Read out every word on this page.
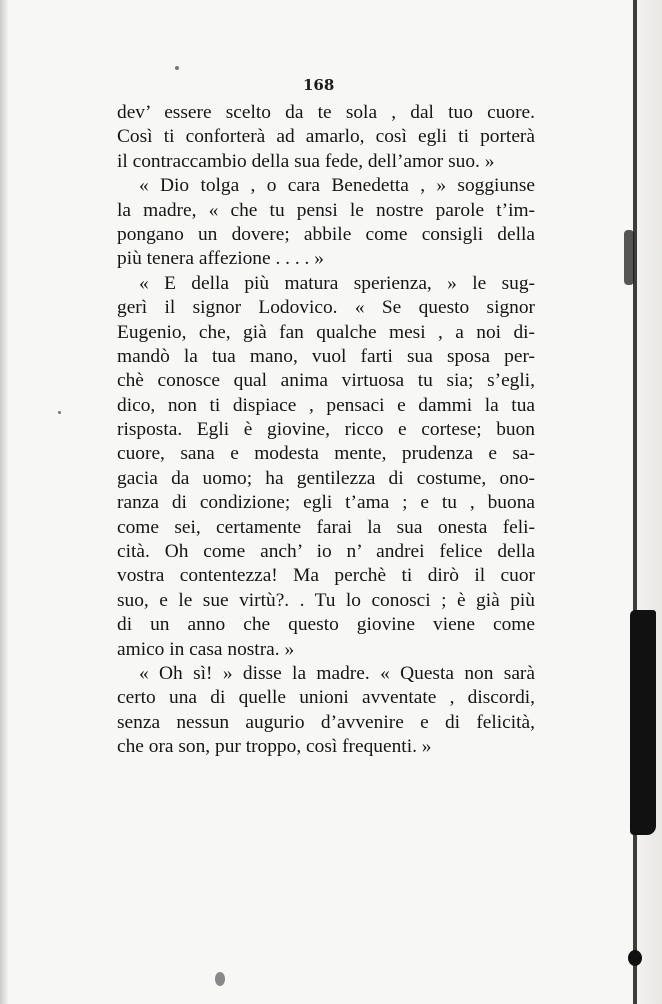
168
dev’ essere scelto da te sola , dal tuo cuore.
Così ti conforterà ad amarlo, così egli ti porterà
il contraccambio della sua fede, dell’amor suo. »
« Dio tolga , o cara Benedetta , » soggiunse
la madre, « che tu pensi le nostre parole t’im-
pongano un dovere; abbile come consigli della
più tenera affezione . . . . »
« E della più matura sperienza, » le sug-
gerì il signor Lodovico. « Se questo signor
Eugenio, che, già fan qualche mesi , a noi di-
mandò la tua mano, vuol farti sua sposa per-
chè conosce qual anima virtuosa tu sia; s’egli,
dico, non ti dispiace , pensaci e dammi la tua
risposta. Egli è giovine, ricco e cortese; buon
cuore, sana e modesta mente, prudenza e sa-
gacia da uomo; ha gentilezza di costume, ono-
ranza di condizione; egli t’ama ; e tu , buona
come sei, certamente farai la sua onesta feli-
cità. Oh come anch’ io n’ andrei felice della
vostra contentezza! Ma perchè ti dirò il cuor
suo, e le sue virtù?. . Tu lo conosci ; è già più
di un anno che questo giovine viene come
amico in casa nostra. »
« Oh sì! » disse la madre. « Questa non sarà
certo una di quelle unioni avventate , discordi,
senza nessun augurio d’avvenire e di felicità,
che ora son, pur troppo, così frequenti. »
